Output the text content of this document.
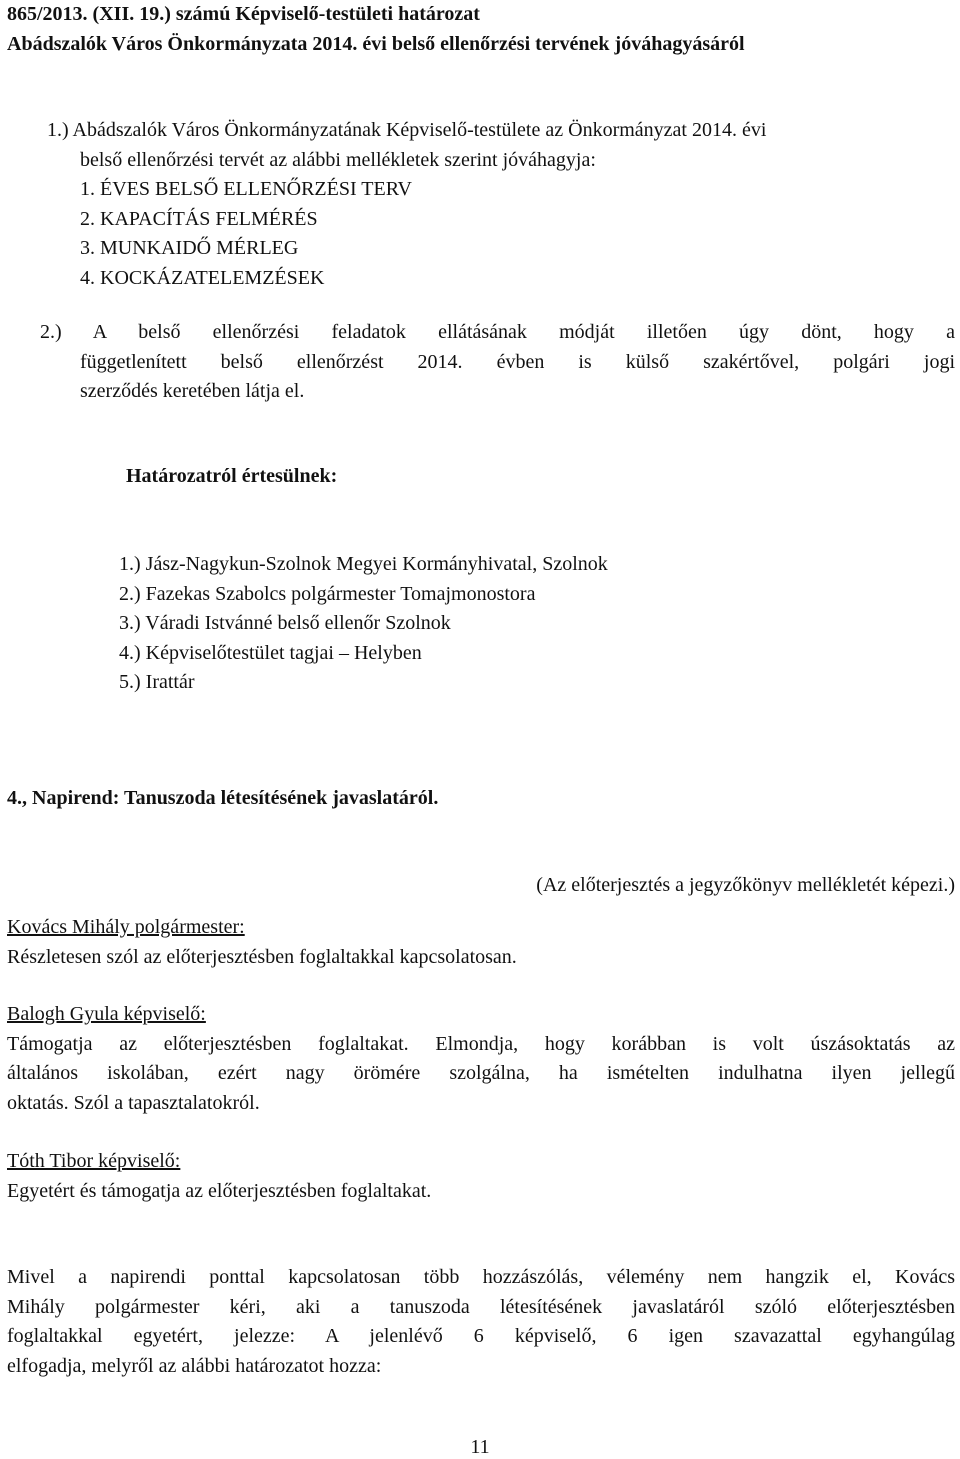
865/2013. (XII. 19.) számú Képviselő-testületi határozat
Abádszalók Város Önkormányzata 2014. évi belső ellenőrzési tervének jóváhagyásáról
1.) Abádszalók Város Önkormányzatának Képviselő-testülete az Önkormányzat 2014. évi
belső ellenőrzési tervét az alábbi mellékletek szerint jóváhagyja:
1. ÉVES BELSŐ ELLENŐRZÉSI TERV
2. KAPACÍTÁS FELMÉRÉS
3. MUNKAIDŐ MÉRLEG
4. KOCKÁZATELEMZÉSEK
2.) A belső ellenőrzési feladatok ellátásának módját illetően úgy dönt, hogy a
függetlenített belső ellenőrzést 2014. évben is külső szakértővel, polgári jogi
szerződés keretében látja el.
Határozatról értesülnek:
1.) Jász-Nagykun-Szolnok Megyei Kormányhivatal, Szolnok
2.) Fazekas Szabolcs polgármester Tomajmonostora
3.) Váradi Istvánné belső ellenőr Szolnok
4.) Képviselőtestület tagjai – Helyben
5.) Irattár
4., Napirend: Tanuszoda létesítésének javaslatáról.
(Az előterjesztés a jegyzőkönyv mellékletét képezi.)
Kovács Mihály polgármester:
Részletesen szól az előterjesztésben foglaltakkal kapcsolatosan.
Balogh Gyula képviselő:
Támogatja az előterjesztésben foglaltakat. Elmondja, hogy korábban is volt úszásoktatás az
általános iskolában, ezért nagy örömére szolgálna, ha ismételten indulhatna ilyen jellegű
oktatás. Szól a tapasztalatokról.
Tóth Tibor képviselő:
Egyetért és támogatja az előterjesztésben foglaltakat.
Mivel a napirendi ponttal kapcsolatosan több hozzászólás, vélemény nem hangzik el, Kovács
Mihály polgármester kéri, aki a tanuszoda létesítésének javaslatáról szóló előterjesztésben
foglaltakkal egyetért, jelezze: A jelenlévő 6 képviselő, 6 igen szavazattal egyhangúlag
elfogadja, melyről az alábbi határozatot hozza:
11
